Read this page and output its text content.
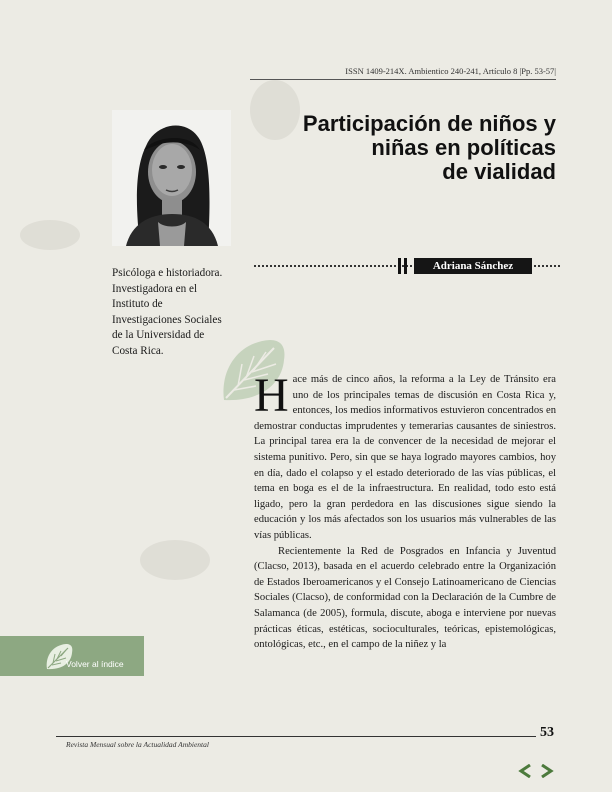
ISSN 1409-214X. Ambientico 240-241, Artículo 8 |Pp. 53-57|
Participación de niños y
niñas en políticas
de vialidad
Adriana Sánchez

Psicóloga e historiadora. Investigadora en el Instituto de Investigaciones Sociales de la Universidad de Costa Rica.

Hace más de cinco años, la reforma a la Ley de Tránsito era uno de los principales temas de discusión en Costa Rica y, entonces, los medios informativos estuvieron concentrados en demostrar conductas imprudentes y temerarias causantes de siniestros. La principal tarea era la de convencer de la necesidad de mejorar el sistema punitivo. Pero, sin que se haya logrado mayores cambios, hoy en día, dado el colapso y el estado deteriorado de las vías públicas, el tema en boga es el de la infraestructura. En realidad, todo esto está ligado, pero la gran perdedora en las discusiones sigue siendo la educación y los más afectados son los usuarios más vulnerables de las vías públicas.

Recientemente la Red de Posgrados en Infancia y Juventud (Clacso, 2013), basada en el acuerdo celebrado entre la Organización de Estados Iberoamericanos y el Consejo Latinoamericano de Ciencias Sociales (Clacso), de conformidad con la Declaración de la Cumbre de Salamanca (de 2005), formula, discute, aboga e interviene por nuevas prácticas éticas, estéticas, socioculturales, teóricas, epistemológicas, ontológicas, etc., en el campo de la niñez y la

Volver al índice
Revista Mensual sobre la Actualidad Ambiental
53
